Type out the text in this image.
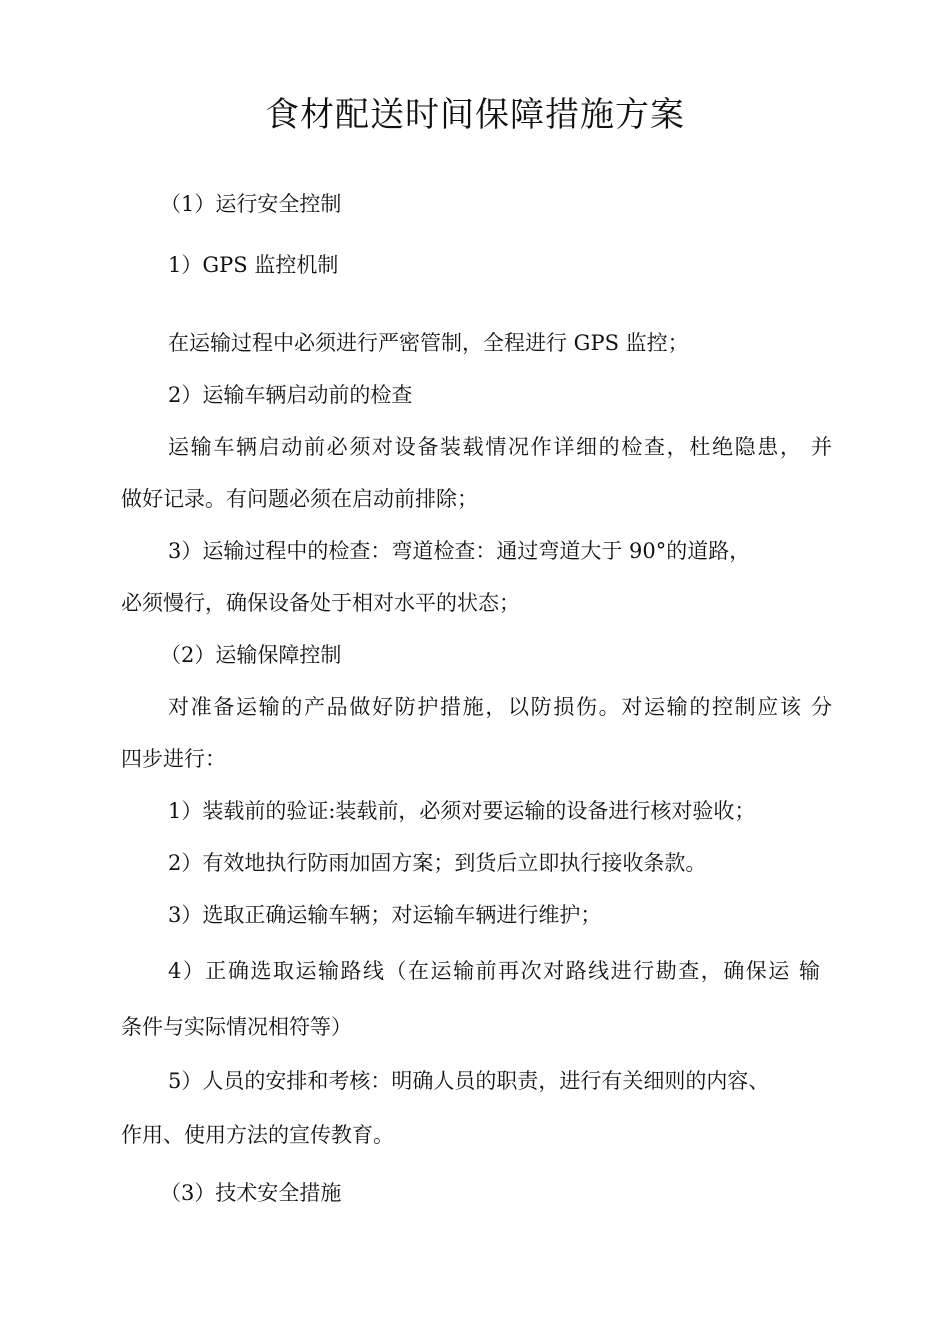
食材配送时间保障措施方案

（1）运行安全控制

1）GPS 监控机制

在运输过程中必须进行严密管制，全程进行 GPS 监控；

2）运输车辆启动前的检查

运输车辆启动前必须对设备装载情况作详细的检查，杜绝隐患， 并

做好记录。有问题必须在启动前排除；

3）运输过程中的检查：弯道检查：通过弯道大于 90°的道路，

必须慢行，确保设备处于相对水平的状态；

（2）运输保障控制

对准备运输的产品做好防护措施，以防损伤。对运输的控制应该 分

四步进行：

1）装载前的验证:装载前，必须对要运输的设备进行核对验收；

2）有效地执行防雨加固方案；到货后立即执行接收条款。

3）选取正确运输车辆；对运输车辆进行维护；

4）正确选取运输路线（在运输前再次对路线进行勘查，确保运 输

条件与实际情况相符等）

5）人员的安排和考核：明确人员的职责，进行有关细则的内容、

作用、使用方法的宣传教育。

（3）技术安全措施
